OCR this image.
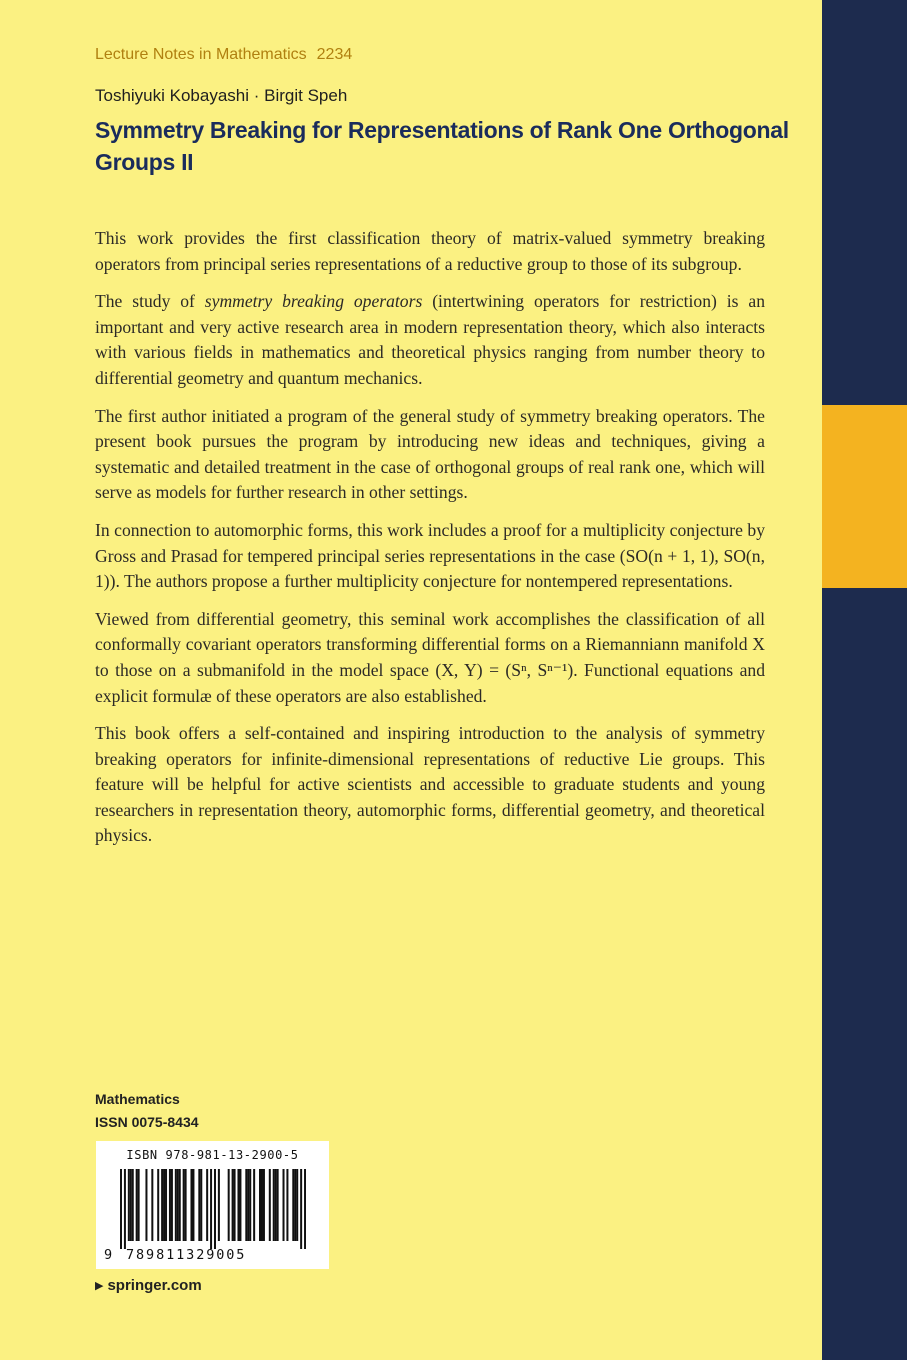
Lecture Notes in Mathematics 2234
Toshiyuki Kobayashi · Birgit Speh
Symmetry Breaking for Representations of Rank One Orthogonal Groups II

This work provides the first classification theory of matrix-valued symmetry breaking operators from principal series representations of a reductive group to those of its subgroup.

The study of symmetry breaking operators (intertwining operators for restriction) is an important and very active research area in modern representation theory, which also interacts with various fields in mathematics and theoretical physics ranging from number theory to differential geometry and quantum mechanics.

The first author initiated a program of the general study of symmetry breaking operators. The present book pursues the program by introducing new ideas and techniques, giving a systematic and detailed treatment in the case of orthogonal groups of real rank one, which will serve as models for further research in other settings.

In connection to automorphic forms, this work includes a proof for a multiplicity conjecture by Gross and Prasad for tempered principal series representations in the case (SO(n + 1, 1), SO(n, 1)). The authors propose a further multiplicity conjecture for nontempered representations.

Viewed from differential geometry, this seminal work accomplishes the classification of all conformally covariant operators transforming differential forms on a Riemanniann manifold X to those on a submanifold in the model space (X, Y) = (Sⁿ, Sⁿ⁻¹). Functional equations and explicit formulæ of these operators are also established.

This book offers a self-contained and inspiring introduction to the analysis of symmetry breaking operators for infinite-dimensional representations of reductive Lie groups. This feature will be helpful for active scientists and accessible to graduate students and young researchers in representation theory, automorphic forms, differential geometry, and theoretical physics.

Mathematics
ISSN 0075-8434
ISBN 978-981-13-2900-5
9 789811329005
▶ springer.com
